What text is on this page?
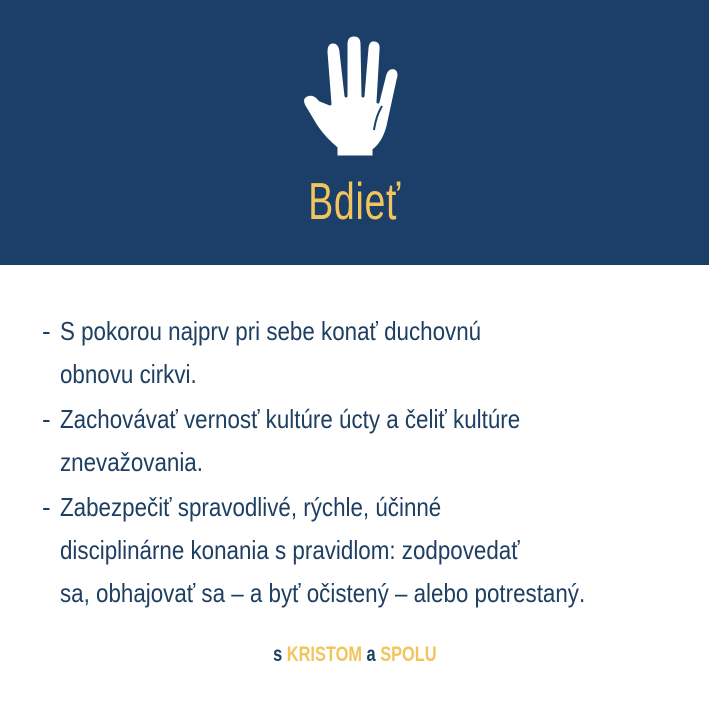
Bdieť
- S pokorou najprv pri sebe konať duchovnú
obnovu cirkvi.
- Zachovávať vernosť kultúre úcty a čeliť kultúre
znevažovania.
- Zabezpečiť spravodlivé, rýchle, účinné
disciplinárne konania s pravidlom: zodpovedať
sa, obhajovať sa – a byť očistený – alebo potrestaný.
s KRISTOM a SPOLU
